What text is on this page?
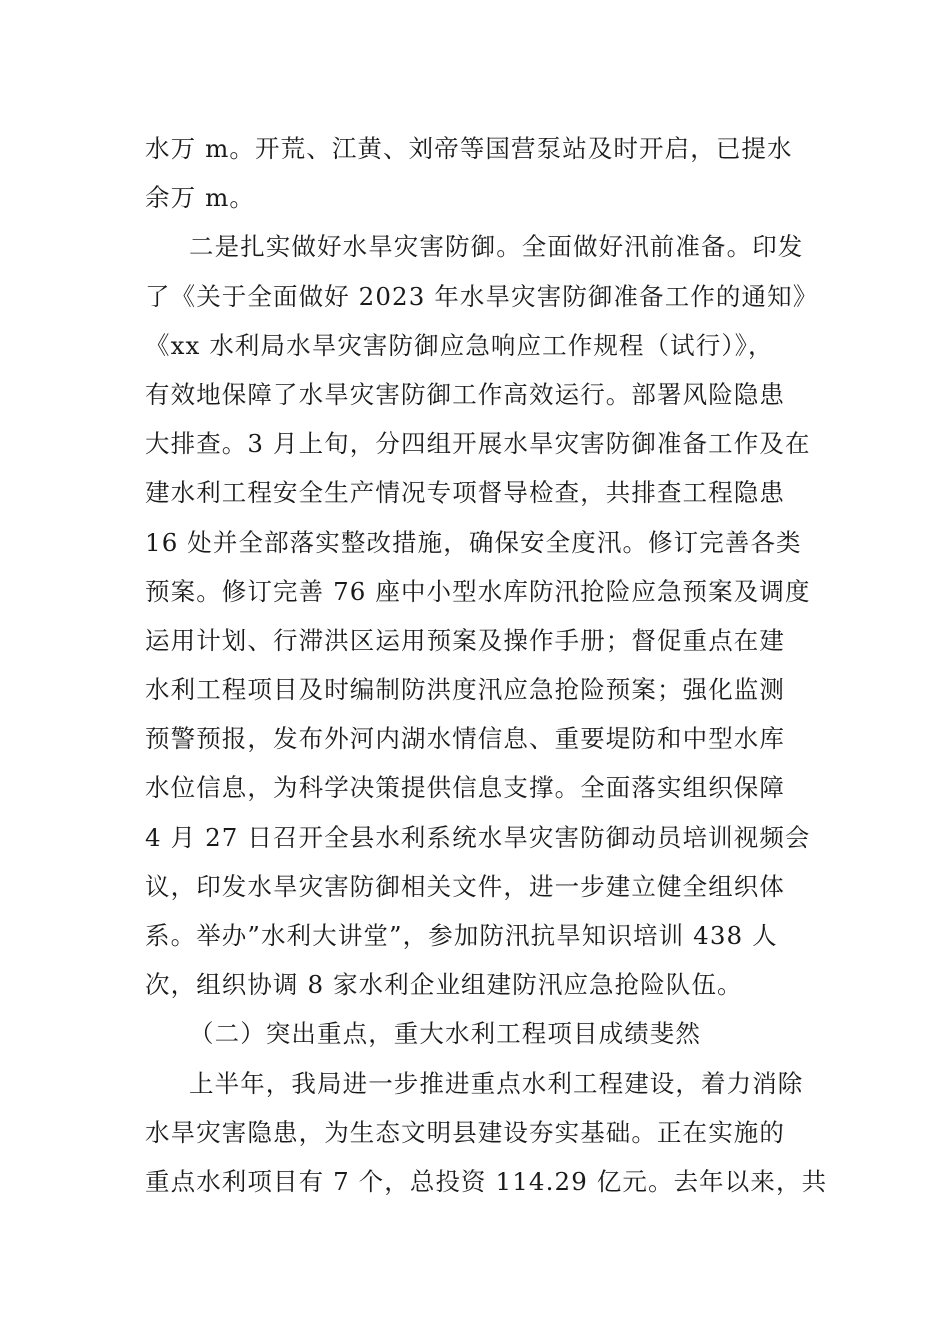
水万 m。开荒、江黄、刘帝等国营泵站及时开启，已提水
余万 m。
二是扎实做好水旱灾害防御。全面做好汛前准备。印发
了《关于全面做好 2023 年水旱灾害防御准备工作的通知》
《xx 水利局水旱灾害防御应急响应工作规程（试行）》，
有效地保障了水旱灾害防御工作高效运行。部署风险隐患
大排查。3 月上旬，分四组开展水旱灾害防御准备工作及在
建水利工程安全生产情况专项督导检查，共排查工程隐患
16 处并全部落实整改措施，确保安全度汛。修订完善各类
预案。修订完善 76 座中小型水库防汛抢险应急预案及调度
运用计划、行滞洪区运用预案及操作手册；督促重点在建
水利工程项目及时编制防洪度汛应急抢险预案；强化监测
预警预报，发布外河内湖水情信息、重要堤防和中型水库
水位信息，为科学决策提供信息支撑。全面落实组织保障
4 月 27 日召开全县水利系统水旱灾害防御动员培训视频会
议，印发水旱灾害防御相关文件，进一步建立健全组织体
系。举办”水利大讲堂”，参加防汛抗旱知识培训 438 人
次，组织协调 8 家水利企业组建防汛应急抢险队伍。
（二）突出重点，重大水利工程项目成绩斐然
上半年，我局进一步推进重点水利工程建设，着力消除
水旱灾害隐患，为生态文明县建设夯实基础。正在实施的
重点水利项目有 7 个，总投资 114.29 亿元。去年以来，共
